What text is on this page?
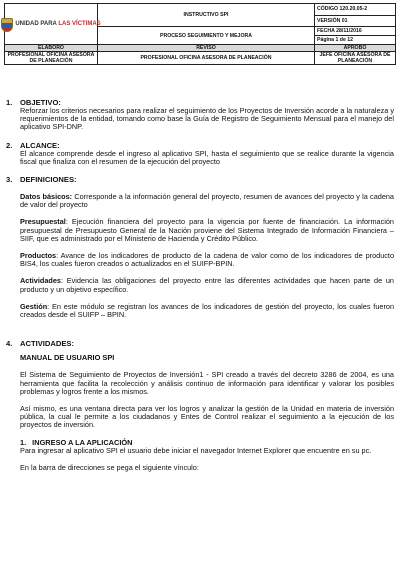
UNIDAD PARA LAS VÍCTIMAS	INSTRUCTIVO SPI	CÓDIGO 120.20.05-2
		VERSIÓN 01
	PROCESO SEGUIMIENTO Y MEJORA	FECHA 28/11/2016
		Página 1 de 12
ELABORÓ	REVISÓ	APROBÓ
PROFESIONAL OFICINA ASESORA DE PLANEACIÓN	PROFESIONAL OFICINA ASESORA DE PLANEACIÓN	JEFE OFICINA ASESORA DE PLANEACIÓN
1. OBJETIVO:

Reforzar los criterios necesarios para realizar el seguimiento de los Proyectos de Inversión acorde a la naturaleza y requerimientos de la entidad, tomando como base la Guía de Registro de Seguimiento Mensual para el manejo del aplicativo SPI-DNP.

2. ALCANCE:

El alcance comprende desde el ingreso al aplicativo SPI, hasta el seguimiento que se realice durante la vigencia fiscal que finaliza con el resumen de la ejecución del proyecto

3. DEFINICIONES:

Datos básicos: Corresponde a la información general del proyecto, resumen de avances del proyecto y la cadena de valor del proyecto

Presupuestal: Ejecución financiera del proyecto para la vigencia por fuente de financiación. La información presupuestal de Presupuesto General de la Nación proviene del Sistema Integrado de Información Financiera – SIIF, que es administrado por el Ministerio de Hacienda y Crédito Público.

Productos: Avance de los indicadores de producto de la cadena de valor como de los indicadores de producto BIS4, los cuales fueron creados o actualizados en el SUIFP-BPIN.

Actividades: Evidencia las obligaciones del proyecto entre las diferentes actividades que hacen parte de un producto y un objetivo específico.

Gestión: En este módulo se registran los avances de los indicadores de gestión del proyecto, los cuales fueron creados desde el SUIFP – BPIN.

4. ACTIVIDADES:

MANUAL DE USUARIO SPI

El Sistema de Seguimiento de Proyectos de Inversión1 - SPI creado a través del decreto 3286 de 2004, es una herramienta que facilita la recolección y análisis continuo de información para identificar y valorar los posibles problemas y logros frente a los mismos.

Así mismo, es una ventana directa para ver los logros y analizar la gestión de la Unidad en materia de inversión pública, la cual le permite a los ciudadanos y Entes de Control realizar el seguimiento a la ejecución de los proyectos de inversión.

1. INGRESO A LA APLICACIÓN

Para ingresar al aplicativo SPI el usuario debe iniciar el navegador Internet Explorer que encuentre en su pc.

En la barra de direcciones se pega el siguiente vínculo:
